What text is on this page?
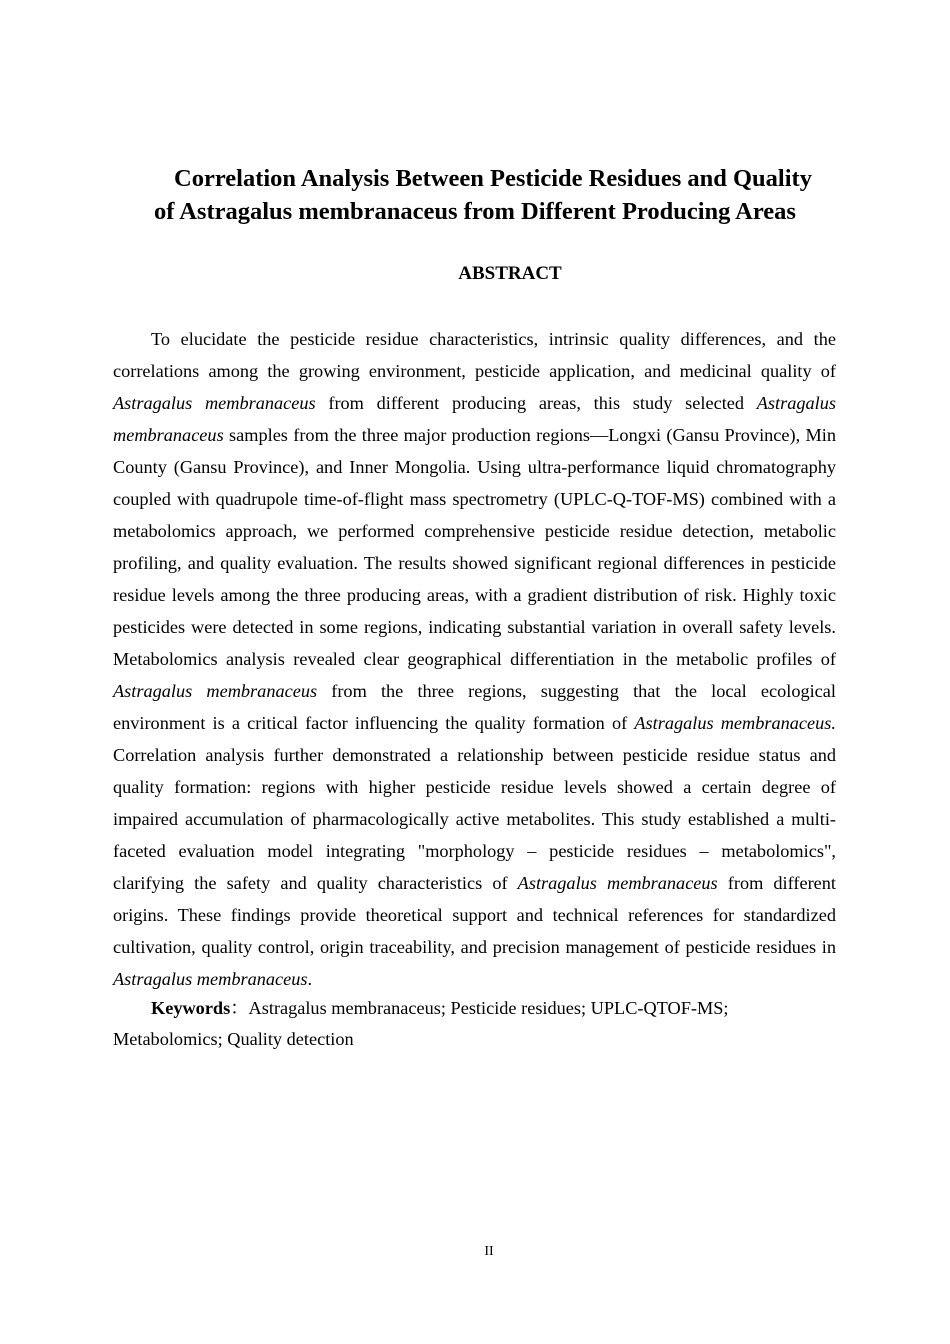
Correlation Analysis Between Pesticide Residues and Quality
of Astragalus membranaceus from Different Producing Areas
ABSTRACT

To elucidate the pesticide residue characteristics, intrinsic quality differences, and the correlations among the growing environment, pesticide application, and medicinal quality of Astragalus membranaceus from different producing areas, this study selected Astragalus membranaceus samples from the three major production regions—Longxi (Gansu Province), Min County (Gansu Province), and Inner Mongolia. Using ultra-performance liquid chromatography coupled with quadrupole time-of-flight mass spectrometry (UPLC-Q-TOF-MS) combined with a metabolomics approach, we performed comprehensive pesticide residue detection, metabolic profiling, and quality evaluation. The results showed significant regional differences in pesticide residue levels among the three producing areas, with a gradient distribution of risk. Highly toxic pesticides were detected in some regions, indicating substantial variation in overall safety levels. Metabolomics analysis revealed clear geographical differentiation in the metabolic profiles of Astragalus membranaceus from the three regions, suggesting that the local ecological environment is a critical factor influencing the quality formation of Astragalus membranaceus. Correlation analysis further demonstrated a relationship between pesticide residue status and quality formation: regions with higher pesticide residue levels showed a certain degree of impaired accumulation of pharmacologically active metabolites. This study established a multi-faceted evaluation model integrating "morphology – pesticide residues – metabolomics", clarifying the safety and quality characteristics of Astragalus membranaceus from different origins. These findings provide theoretical support and technical references for standardized cultivation, quality control, origin traceability, and precision management of pesticide residues in Astragalus membranaceus.

Keywords：Astragalus membranaceus; Pesticide residues; UPLC-QTOF-MS; Metabolomics; Quality detection

II
